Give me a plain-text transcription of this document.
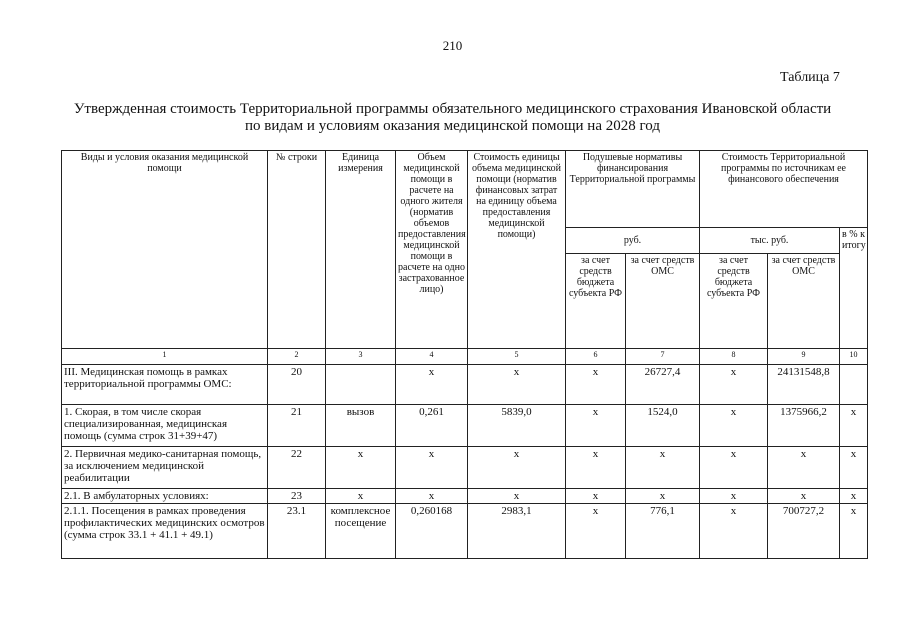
210
Таблица 7
Утвержденная стоимость Территориальной программы обязательного медицинского страхования Ивановской области
по видам и условиям оказания медицинской помощи на 2028 год
Виды и условия оказания медицинской помощи	№ строки	Единица измерения	Объем медицинской помощи в расчете на одного жителя (норматив объемов предоставления медицинской помощи в расчете на одно застрахованное лицо)	Стоимость единицы объема медицинской помощи (норматив финансовых затрат на единицу объема предоставления медицинской помощи)	Подушевые нормативы финансирования Территориальной программы		Стоимость Территориальной программы по источникам ее финансового обеспечения		
					руб.		тыс. руб.		в % к итогу
					за счет средств бюджета субъекта РФ	за счет средств ОМС	за счет средств бюджета субъекта РФ	за счет средств ОМС	
1	2	3	4	5	6	7	8	9	10
III. Медицинская помощь в рамках территориальной программы ОМС:	20		х	х	х	26727,4	х	24131548,8	
1. Скорая, в том числе скорая специализированная, медицинская помощь (сумма строк 31+39+47)	21	вызов	0,261	5839,0	х	1524,0	х	1375966,2	х
2. Первичная медико-санитарная помощь, за исключением медицинской реабилитации	22	х	х	х	х	х	х	х	х
2.1. В амбулаторных условиях:	23	х	х	х	х	х	х	х	х
2.1.1. Посещения в рамках проведения профилактических медицинских осмотров (сумма строк 33.1 + 41.1 + 49.1)	23.1	комплексное посещение	0,260168	2983,1	х	776,1	х	700727,2	х
